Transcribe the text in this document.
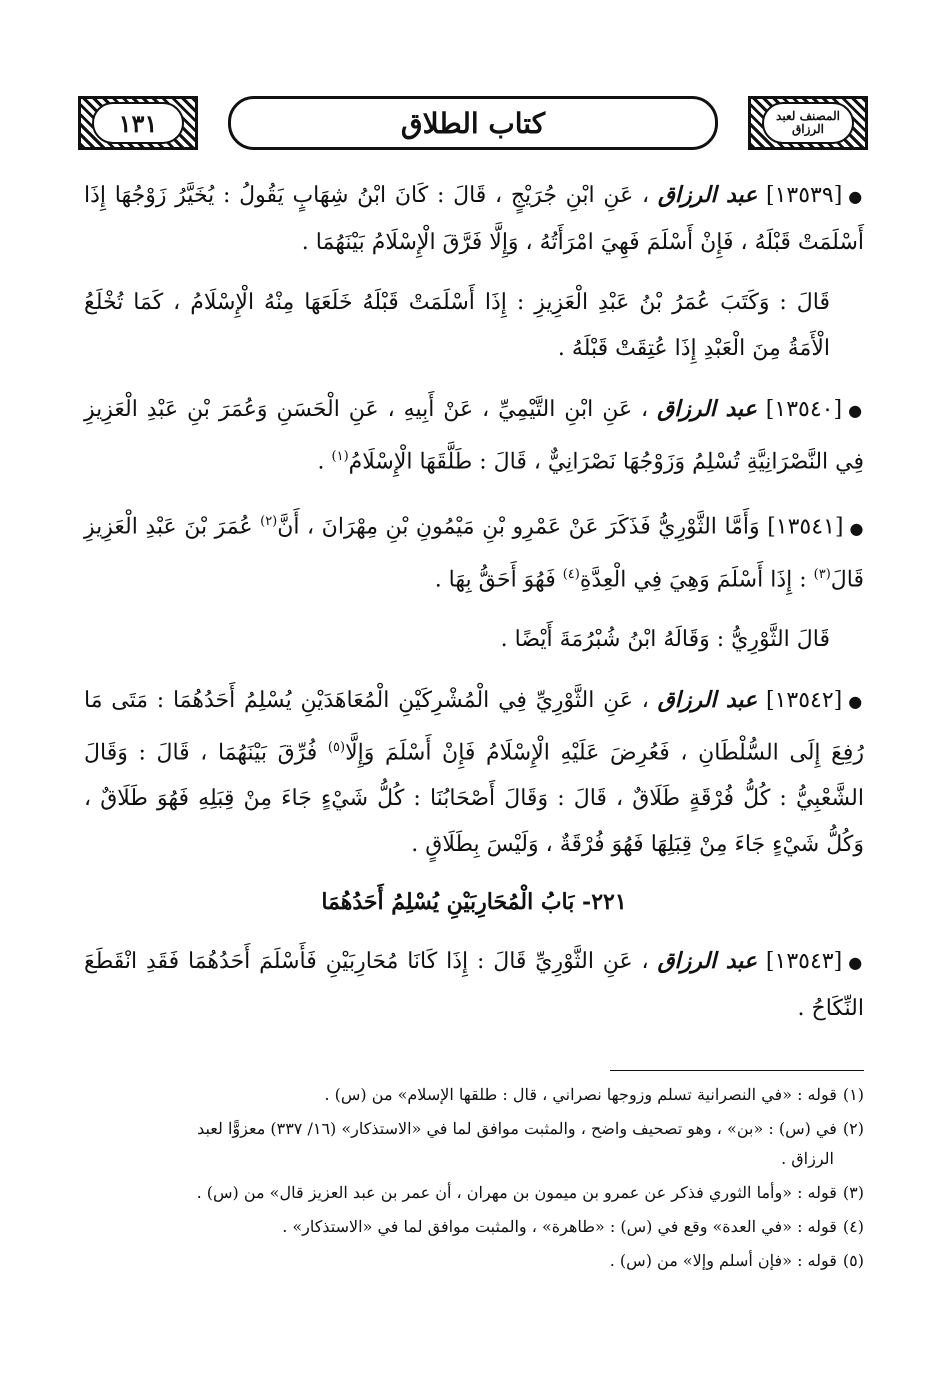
١٣١	المصنف لعبد الرزاق
كتاب الطلاق

●[١٣٥٣٩] عبد الرزاق ، عَنِ ابْنِ جُرَيْجٍ ، قَالَ : كَانَ ابْنُ شِهَابٍ يَقُولُ : يُخَيَّرُ زَوْجُهَا إِذَا أَسْلَمَتْ قَبْلَهُ ، فَإِنْ أَسْلَمَ فَهِيَ امْرَأَتُهُ ، وَإِلَّا فَرَّقَ الْإِسْلَامُ بَيْنَهُمَا .

قَالَ : وَكَتَبَ عُمَرُ بْنُ عَبْدِ الْعَزِيزِ : إِذَا أَسْلَمَتْ قَبْلَهُ خَلَعَهَا مِنْهُ الْإِسْلَامُ ، كَمَا تُخْلَعُ الْأَمَةُ مِنَ الْعَبْدِ إِذَا عُتِقَتْ قَبْلَهُ .

●[١٣٥٤٠] عبد الرزاق ، عَنِ ابْنِ التَّيْمِيِّ ، عَنْ أَبِيهِ ، عَنِ الْحَسَنِ وَعُمَرَ بْنِ عَبْدِ الْعَزِيزِ فِي النَّصْرَانِيَّةِ تُسْلِمُ وَزَوْجُهَا نَصْرَانِيٌّ ، قَالَ : طَلَّقَهَا الْإِسْلَامُ$^{(١)}$ .

●[١٣٥٤١] وَأَمَّا الثَّوْرِيُّ فَذَكَرَ عَنْ عَمْرِو بْنِ مَيْمُونِ بْنِ مِهْرَانَ ، أَنَّ$^{(٢)}$ عُمَرَ بْنَ عَبْدِ الْعَزِيزِ قَالَ$^{(٣)}$ : إِذَا أَسْلَمَ وَهِيَ فِي الْعِدَّةِ$^{(٤)}$ فَهُوَ أَحَقُّ بِهَا .

قَالَ الثَّوْرِيُّ : وَقَالَهُ ابْنُ شُبْرُمَةَ أَيْضًا .

●[١٣٥٤٢] عبد الرزاق ، عَنِ الثَّوْرِيِّ فِي الْمُشْرِكَيْنِ الْمُعَاهَدَيْنِ يُسْلِمُ أَحَدُهُمَا : مَتَى مَا رُفِعَ إِلَى السُّلْطَانِ ، فَعُرِضَ عَلَيْهِ الْإِسْلَامُ فَإِنْ أَسْلَمَ وَإِلَّا$^{(٥)}$ فُرِّقَ بَيْنَهُمَا ، قَالَ : وَقَالَ الشَّعْبِيُّ : كُلُّ فُرْقَةٍ طَلَاقٌ ، قَالَ : وَقَالَ أَصْحَابُنَا : كُلُّ شَيْءٍ جَاءَ مِنْ قِبَلِهِ فَهُوَ طَلَاقٌ ، وَكُلُّ شَيْءٍ جَاءَ مِنْ قِبَلِهَا فَهُوَ فُرْقَةٌ ، وَلَيْسَ بِطَلَاقٍ .

٢٢١- بَابُ الْمُحَارِبَيْنِ يُسْلِمُ أَحَدُهُمَا

●[١٣٥٤٣] عبد الرزاق ، عَنِ الثَّوْرِيِّ قَالَ : إِذَا كَانَا مُحَارِبَيْنِ فَأَسْلَمَ أَحَدُهُمَا فَقَدِ انْقَطَعَ النِّكَاحُ .

(١)قوله : «في النصرانية تسلم وزوجها نصراني ، قال : طلقها الإسلام» من (س) .

(٢)في (س) : «بن» ، وهو تصحيف واضح ، والمثبت موافق لما في «الاستذكار» (١٦/ ٣٣٧) معزوًّا لعبد

الرزاق .

(٣)قوله : «وأما الثوري فذكر عن عمرو بن ميمون بن مهران ، أن عمر بن عبد العزيز قال» من (س) .

(٤)قوله : «في العدة» وقع في (س) : «طاهرة» ، والمثبت موافق لما في «الاستذكار» .

(٥)قوله : «فإن أسلم وإلا» من (س) .
